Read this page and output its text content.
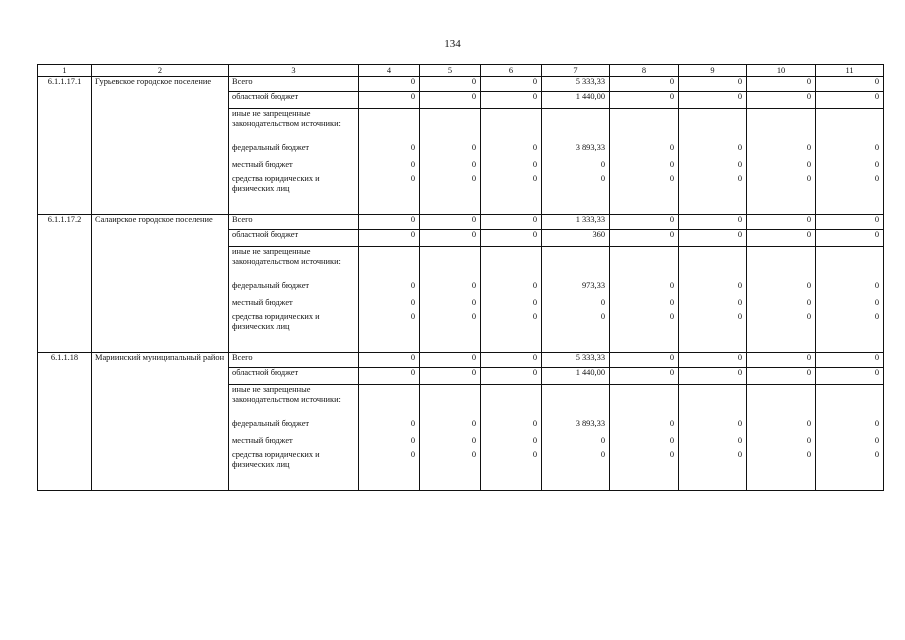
134
1	2	3	4	5	6	7	8	9	10	11
6.1.1.17.1	Гурьевское городское поселение	Всего	0	0	0	5 333,33	0	0	0	0
		областной бюджет	0	0	0	1 440,00	0	0	0	0
		иные не запрещенные законодательством источники:								
		федеральный бюджет	0	0	0	3 893,33	0	0	0	0
		местный бюджет	0	0	0	0	0	0	0	0
		средства юридических и физических лиц	0	0	0	0	0	0	0	0

6.1.1.17.2	Салаирское городское поселение	Всего	0	0	0	1 333,33	0	0	0	0
		областной бюджет	0	0	0	360	0	0	0	0
		иные не запрещенные законодательством источники:								
		федеральный бюджет	0	0	0	973,33	0	0	0	0
		местный бюджет	0	0	0	0	0	0	0	0
		средства юридических и физических лиц	0	0	0	0	0	0	0	0

6.1.1.18	Мариинский муниципальный район	Всего	0	0	0	5 333,33	0	0	0	0
		областной бюджет	0	0	0	1 440,00	0	0	0	0
		иные не запрещенные законодательством источники:								
		федеральный бюджет	0	0	0	3 893,33	0	0	0	0
		местный бюджет	0	0	0	0	0	0	0	0
		средства юридических и физических лиц	0	0	0	0	0	0	0	0
